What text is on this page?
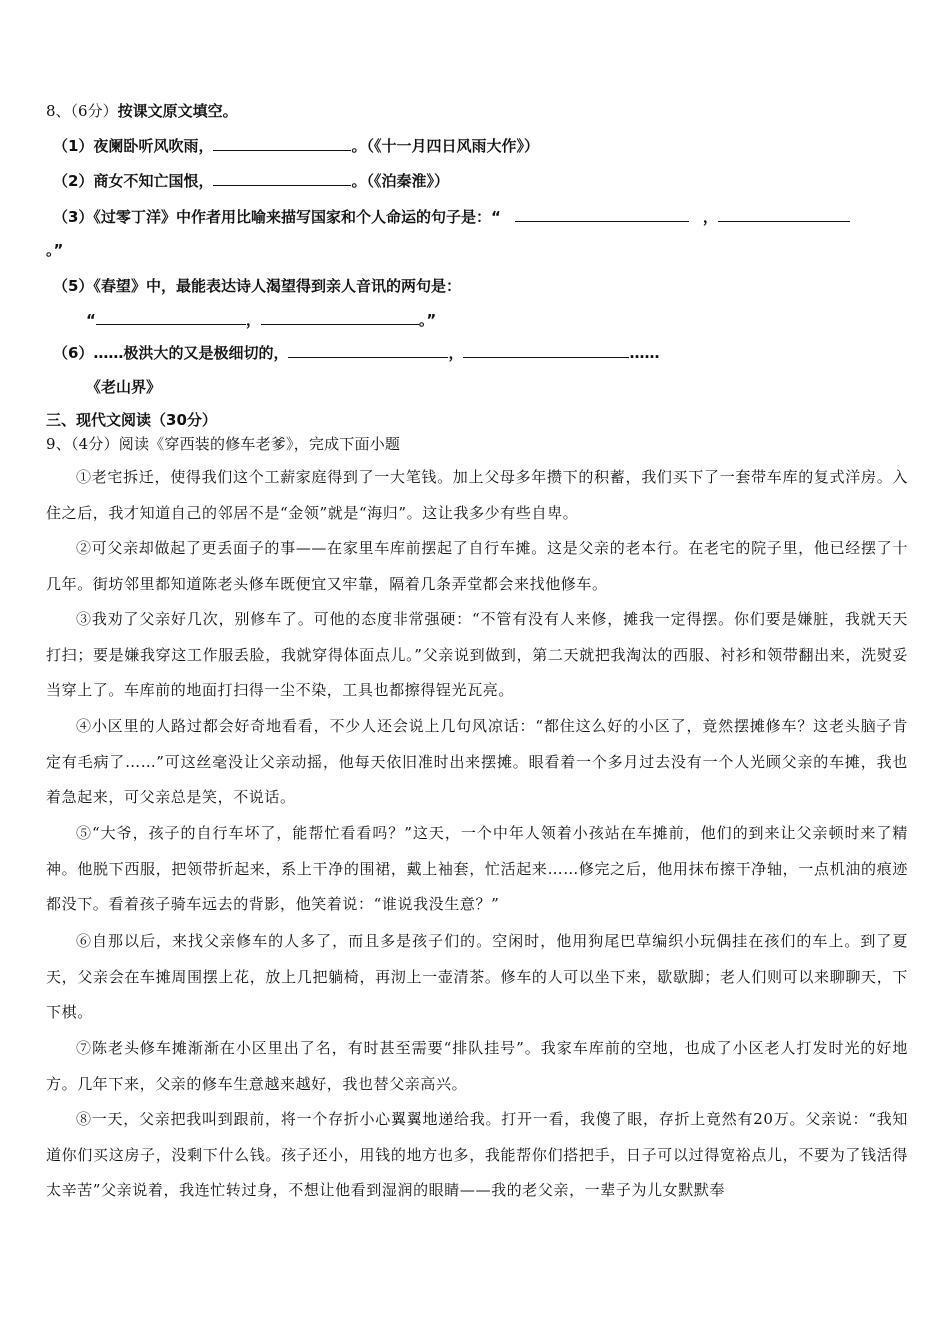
8、（6分）按课文原文填空。
（1）夜阑卧听风吹雨，	。（《十一月四日风雨大作》）
（2）商女不知亡国恨，	。（《泊秦淮》）
（3）《过零丁洋》中作者用比喻来描写国家和个人命运的句子是：“	，
。”
（5）《春望》中，最能表达诗人渴望得到亲人音讯的两句是：
“	，	。”
（6）……极洪大的又是极细切的，	，	……
《老山界》
三、现代文阅读（30分）
9、（4分）阅读《穿西装的修车老爹》，完成下面小题
①老宅拆迁，使得我们这个工薪家庭得到了一大笔钱。加上父母多年攒下的积蓄，我们买下了一套带车库的复式洋房。入住之后，我才知道自己的邻居不是“金领”就是“海归”。这让我多少有些自卑。
②可父亲却做起了更丢面子的事——在家里车库前摆起了自行车摊。这是父亲的老本行。在老宅的院子里，他已经摆了十几年。街坊邻里都知道陈老头修车既便宜又牢靠，隔着几条弄堂都会来找他修车。
③我劝了父亲好几次，别修车了。可他的态度非常强硬：“不管有没有人来修，摊我一定得摆。你们要是嫌脏，我就天天打扫；要是嫌我穿这工作服丢脸，我就穿得体面点儿。”父亲说到做到，第二天就把我淘汰的西服、衬衫和领带翻出来，洗熨妥当穿上了。车库前的地面打扫得一尘不染，工具也都擦得锃光瓦亮。
④小区里的人路过都会好奇地看看，不少人还会说上几句风凉话：“都住这么好的小区了，竟然摆摊修车？这老头脑子肯定有毛病了……”可这丝毫没让父亲动摇，他每天依旧准时出来摆摊。眼看着一个多月过去没有一个人光顾父亲的车摊，我也着急起来，可父亲总是笑，不说话。
⑤“大爷，孩子的自行车坏了，能帮忙看看吗？”这天，一个中年人领着小孩站在车摊前，他们的到来让父亲顿时来了精神。他脱下西服，把领带折起来，系上干净的围裙，戴上袖套，忙活起来……修完之后，他用抹布擦干净轴，一点机油的痕迹都没下。看着孩子骑车远去的背影，他笑着说：“谁说我没生意？”
⑥自那以后，来找父亲修车的人多了，而且多是孩子们的。空闲时，他用狗尾巴草编织小玩偶挂在孩们的车上。到了夏天，父亲会在车摊周围摆上花，放上几把躺椅，再沏上一壶清茶。修车的人可以坐下来，歇歇脚；老人们则可以来聊聊天，下下棋。
⑦陈老头修车摊渐渐在小区里出了名，有时甚至需要“排队挂号”。我家车库前的空地，也成了小区老人打发时光的好地方。几年下来，父亲的修车生意越来越好，我也替父亲高兴。
⑧一天，父亲把我叫到跟前，将一个存折小心翼翼地递给我。打开一看，我傻了眼，存折上竟然有20万。父亲说：“我知道你们买这房子，没剩下什么钱。孩子还小，用钱的地方也多，我能帮你们搭把手，日子可以过得宽裕点儿，不要为了钱活得太辛苦”父亲说着，我连忙转过身，不想让他看到湿润的眼睛——我的老父亲，一辈子为儿女默默奉
